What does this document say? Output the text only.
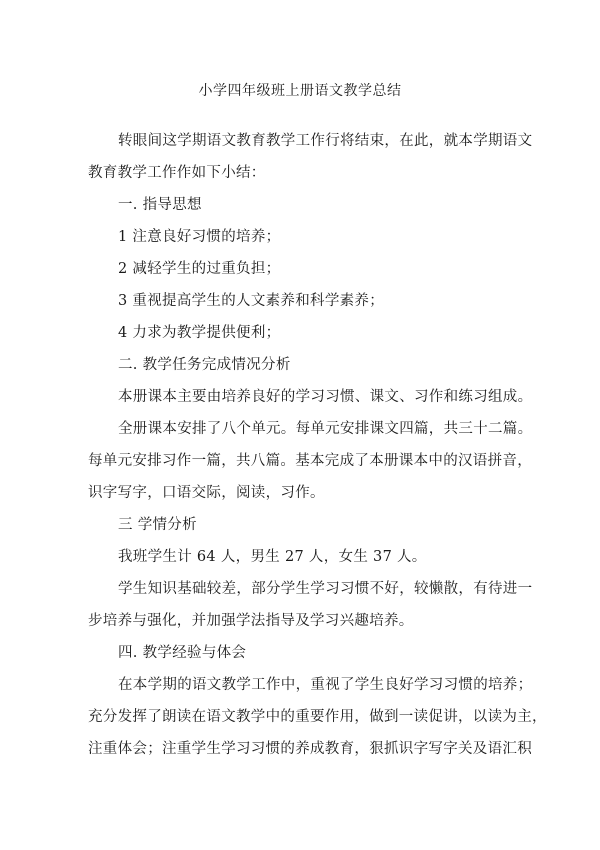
小学四年级班上册语文教学总结
转眼间这学期语文教育教学工作行将结束，在此，就本学期语文
教育教学工作作如下小结：
一. 指导思想
1 注意良好习惯的培养；
2 减轻学生的过重负担；
3 重视提高学生的人文素养和科学素养；
4 力求为教学提供便利；
二. 教学任务完成情况分析
本册课本主要由培养良好的学习习惯、课文、习作和练习组成。
全册课本安排了八个单元。每单元安排课文四篇，共三十二篇。
每单元安排习作一篇，共八篇。基本完成了本册课本中的汉语拼音，
识字写字，口语交际，阅读，习作。
三 学情分析
我班学生计 64 人，男生 27 人，女生 37 人。
学生知识基础较差，部分学生学习习惯不好，较懒散，有待进一
步培养与强化，并加强学法指导及学习兴趣培养。
四. 教学经验与体会
在本学期的语文教学工作中，重视了学生良好学习习惯的培养；
充分发挥了朗读在语文教学中的重要作用，做到一读促讲，以读为主，
注重体会；注重学生学习习惯的养成教育，狠抓识字写字关及语汇积
